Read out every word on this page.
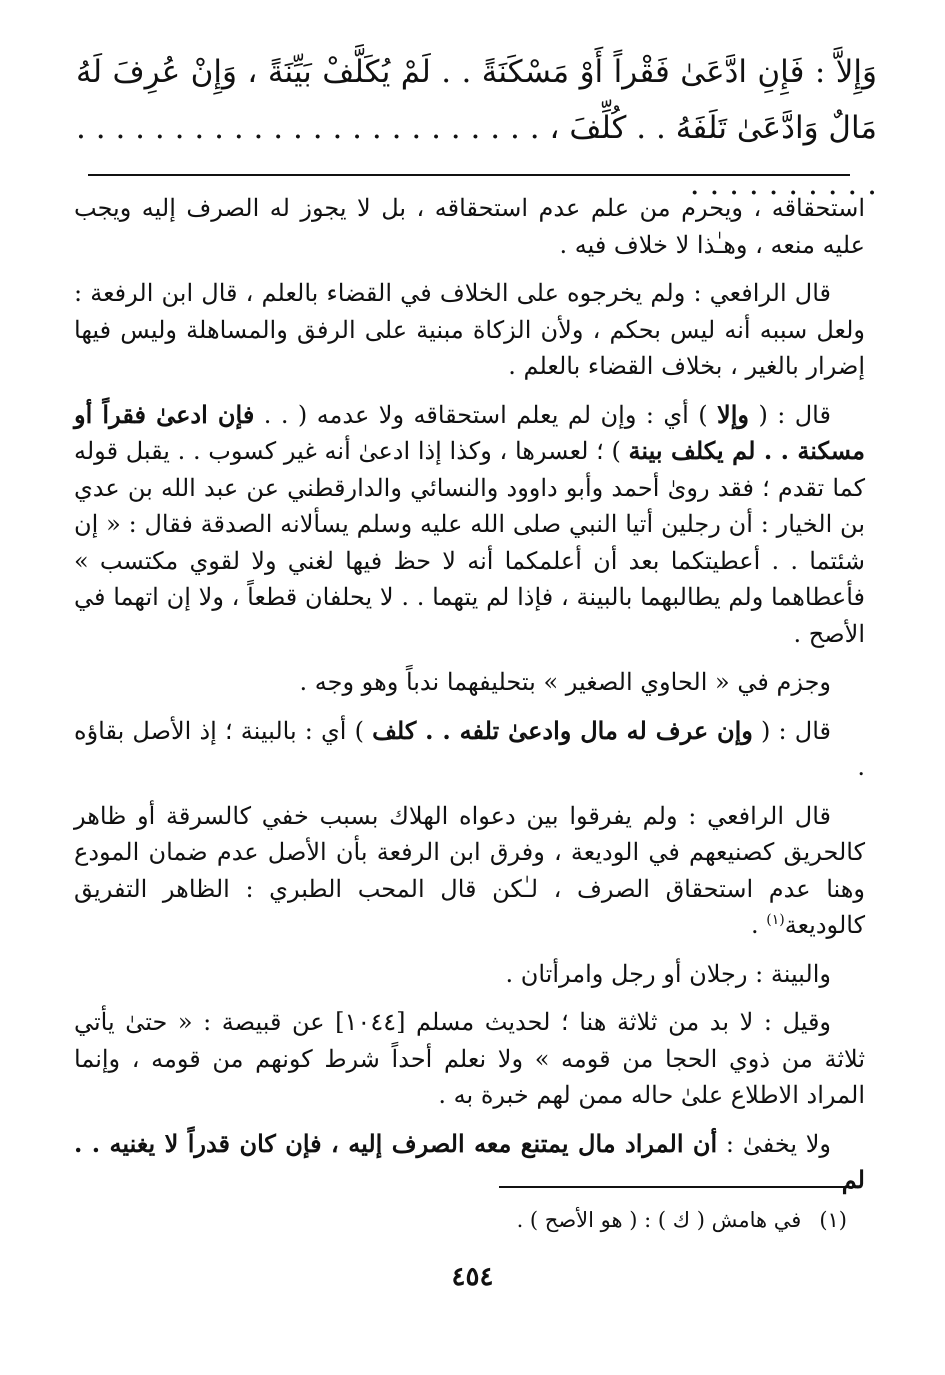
وَإِلاَّ : فَإِنِ ادَّعَىٰ فَقْراً أَوْ مَسْكَنَةً . . لَمْ يُكَلَّفْ بَيِّنَةً ، وَإِنْ عُرِفَ لَهُ مَالٌ وَادَّعَىٰ تَلَفَهُ . . كُلِّفَ ، . . . . . . . . . . . . . . . . . . . . . . . . . . . . . . . . . .

استحقاقه ، ويحرم من علم عدم استحقاقه ، بل لا يجوز له الصرف إليه ويجب عليه منعه ، وهـٰذا لا خلاف فيه .

قال الرافعي : ولم يخرجوه على الخلاف في القضاء بالعلم ، قال ابن الرفعة : ولعل سببه أنه ليس بحكم ، ولأن الزكاة مبنية على الرفق والمساهلة وليس فيها إضرار بالغير ، بخلاف القضاء بالعلم .

قال : ( وإلا ) أي : وإن لم يعلم استحقاقه ولا عدمه ( . . فإن ادعىٰ فقراً أو مسكنة . . لم يكلف بينة ) ؛ لعسرها ، وكذا إذا ادعىٰ أنه غير كسوب . . يقبل قوله كما تقدم ؛ فقد روىٰ أحمد وأبو داوود والنسائي والدارقطني عن عبد الله بن عدي بن الخيار : أن رجلين أتيا النبي صلى الله عليه وسلم يسألانه الصدقة فقال : « إن شئتما . . أعطيتكما بعد أن أعلمكما أنه لا حظ فيها لغني ولا لقوي مكتسب » فأعطاهما ولم يطالبهما بالبينة ، فإذا لم يتهما . . لا يحلفان قطعاً ، ولا إن اتهما في الأصح .

وجزم في « الحاوي الصغير » بتحليفهما ندباً وهو وجه .

قال : ( وإن عرف له مال وادعىٰ تلفه . . كلف ) أي : بالبينة ؛ إذ الأصل بقاؤه .

قال الرافعي : ولم يفرقوا بين دعواه الهلاك بسبب خفي كالسرقة أو ظاهر كالحريق كصنيعهم في الوديعة ، وفرق ابن الرفعة بأن الأصل عدم ضمان المودع وهنا عدم استحقاق الصرف ، لـٰكن قال المحب الطبري : الظاهر التفريق كالوديعة$^{(١)}$ .

والبينة : رجلان أو رجل وامرأتان .

وقيل : لا بد من ثلاثة هنا ؛ لحديث مسلم [١٠٤٤] عن قبيصة : « حتىٰ يأتي ثلاثة من ذوي الحجا من قومه » ولا نعلم أحداً شرط كونهم من قومه ، وإنما المراد الاطلاع علىٰ حاله ممن لهم خبرة به .

ولا يخفىٰ : أن المراد مال يمتنع معه الصرف إليه ، فإن كان قدراً لا يغنيه . . لم

(١)في هامش ( ك ) : ( هو الأصح ) .
٤٥٤
